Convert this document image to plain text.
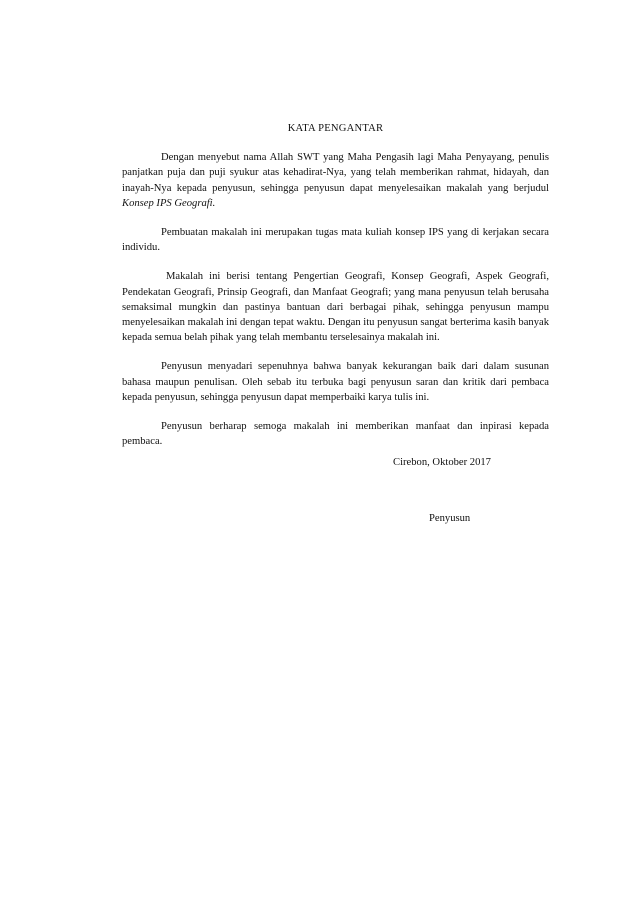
KATA PENGANTAR

Dengan menyebut nama Allah SWT yang Maha Pengasih lagi Maha Penyayang, penulis panjatkan puja dan puji syukur atas kehadirat-Nya, yang telah memberikan rahmat, hidayah, dan inayah-Nya kepada penyusun, sehingga penyusun dapat menyelesaikan makalah yang berjudul Konsep IPS Geografi.

Pembuatan makalah ini merupakan tugas mata kuliah konsep IPS yang di kerjakan secara individu.

Makalah ini berisi tentang Pengertian Geografi, Konsep Geografi, Aspek Geografi, Pendekatan Geografi, Prinsip Geografi, dan Manfaat Geografi; yang mana penyusun telah berusaha semaksimal mungkin dan pastinya bantuan dari berbagai pihak, sehingga penyusun mampu menyelesaikan makalah ini dengan tepat waktu. Dengan itu penyusun sangat berterima kasih banyak kepada semua belah pihak yang telah membantu terselesainya makalah ini.

Penyusun menyadari sepenuhnya bahwa banyak kekurangan baik dari dalam susunan bahasa maupun penulisan. Oleh sebab itu terbuka bagi penyusun saran dan kritik dari pembaca kepada penyusun, sehingga penyusun dapat memperbaiki karya tulis ini.

Penyusun berharap semoga makalah ini memberikan manfaat dan inpirasi kepada pembaca.

Cirebon, Oktober 2017
Penyusun
